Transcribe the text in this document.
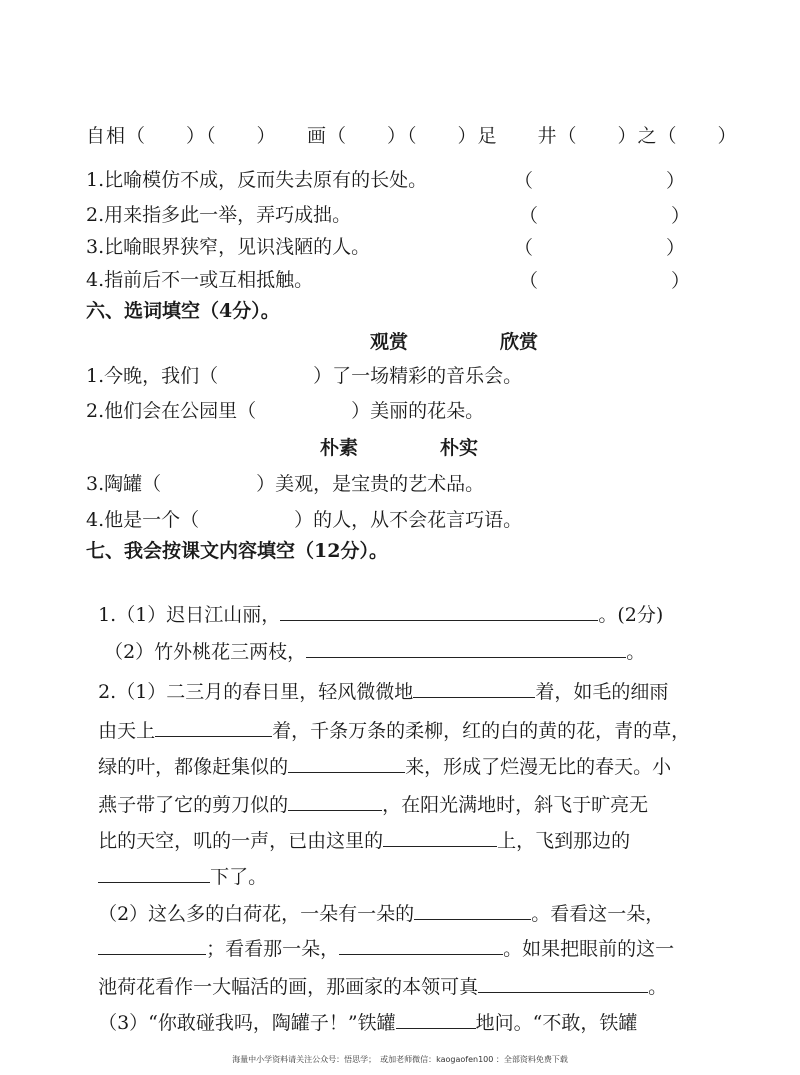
自相（　　）（　　）　　画（　　）（　　）足　　井（　　）之（　　）
1.比喻模仿不成，反而失去原有的长处。	（　　　　　　　）
2.用来指多此一举，弄巧成拙。	（　　　　　　　）
3.比喻眼界狭窄，见识浅陋的人。	（　　　　　　　）
4.指前后不一或互相抵触。	（　　　　　　　）
六、选词填空（4分）。
观赏	欣赏
1.今晚，我们（　　　　　）了一场精彩的音乐会。
2.他们会在公园里（　　　　　）美丽的花朵。
朴素	朴实
3.陶罐（　　　　　）美观，是宝贵的艺术品。
4.他是一个（　　　　　）的人，从不会花言巧语。
七、我会按课文内容填空（12分）。

1.（1）迟日江山丽，	。(2分)

（2）竹外桃花三两枝，	。

2.（1）二三月的春日里，轻风微微地	着，如毛的细雨

由天上	着，千条万条的柔柳，红的白的黄的花，青的草，

绿的叶，都像赶集似的	来，形成了烂漫无比的春天。小

燕子带了它的剪刀似的	，在阳光满地时，斜飞于旷亮无

比的天空，叽的一声，已由这里的	上，飞到那边的

下了。

（2）这么多的白荷花，一朵有一朵的	。看看这一朵，

；看看那一朵，	。如果把眼前的这一

池荷花看作一大幅活的画，那画家的本领可真	。

（3）“你敢碰我吗，陶罐子！”铁罐	地问。“不敢，铁罐

海量中小学资料请关注公众号：悟思学；　或加老师微信：kaogaofen100 ：全部资料免费下载
